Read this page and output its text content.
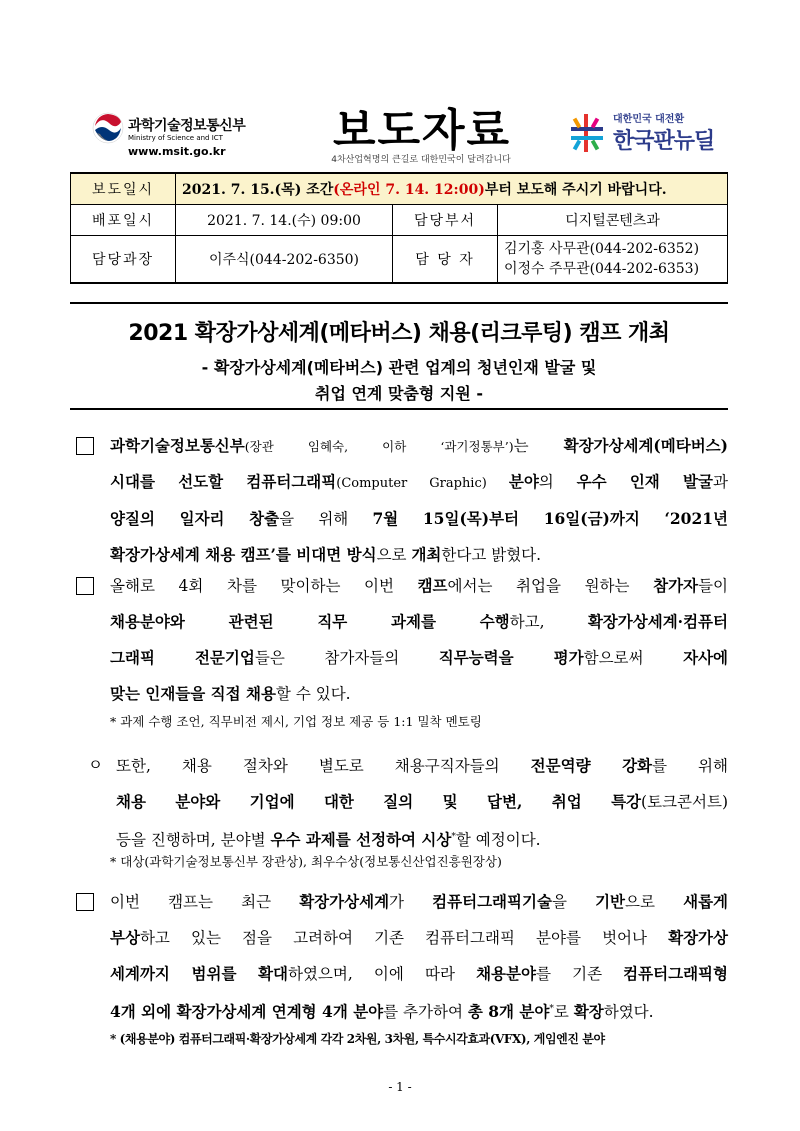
과학기술정보통신부
Ministry of Science and ICT
www.msit.go.kr	보도자료
4차산업혁명의 큰길로 대한민국이 달려갑니다
대한민국 대전환
한국판뉴딜
보도일시	2021. 7. 15.(목) 조간(온라인 7. 14. 12:00)부터 보도해 주시기 바랍니다.		
배포일시	2021. 7. 14.(수) 09:00	담당부서	디지털콘텐츠과
담당과장	이주식(044-202-6350)	담 당 자	김기홍 사무관(044-202-6352)
이정수 주무관(044-202-6353)
2021 확장가상세계(메타버스) 채용(리크루팅) 캠프 개최
- 확장가상세계(메타버스) 관련 업계의 청년인재 발굴 및
취업 연계 맞춤형 지원 -
과학기술정보통신부(장관 임혜숙, 이하 ‘과기정통부’)는 확장가상세계(메타버스)
시대를 선도할 컴퓨터그래픽(Computer Graphic) 분야의 우수 인재 발굴과
양질의 일자리 창출을 위해 7월 15일(목)부터 16일(금)까지 ‘2021년
확장가상세계 채용 캠프’를 비대면 방식으로 개최한다고 밝혔다.
올해로 4회 차를 맞이하는 이번 캠프에서는 취업을 원하는 참가자들이
채용분야와 관련된 직무 과제를 수행하고, 확장가상세계·컴퓨터
그래픽 전문기업들은 참가자들의 직무능력을 평가함으로써 자사에
맞는 인재들을 직접 채용할 수 있다.
* 과제 수행 조언, 직무비전 제시, 기업 정보 제공 등 1:1 밀착 멘토링
ㅇ 또한, 채용 절차와 별도로 채용구직자들의 전문역량 강화를 위해
채용 분야와 기업에 대한 질의 및 답변, 취업 특강(토크콘서트)
등을 진행하며, 분야별 우수 과제를 선정하여 시상*할 예정이다.
* 대상(과학기술정보통신부 장관상), 최우수상(정보통신산업진흥원장상)
이번 캠프는 최근 확장가상세계가 컴퓨터그래픽기술을 기반으로 새롭게
부상하고 있는 점을 고려하여 기존 컴퓨터그래픽 분야를 벗어나 확장가상
세계까지 범위를 확대하였으며, 이에 따라 채용분야를 기존 컴퓨터그래픽형
4개 외에 확장가상세계 연계형 4개 분야를 추가하여 총 8개 분야*로 확장하였다.
* (채용분야) 컴퓨터그래픽·확장가상세계 각각 2차원, 3차원, 특수시각효과(VFX), 게임엔진 분야
- 1 -
